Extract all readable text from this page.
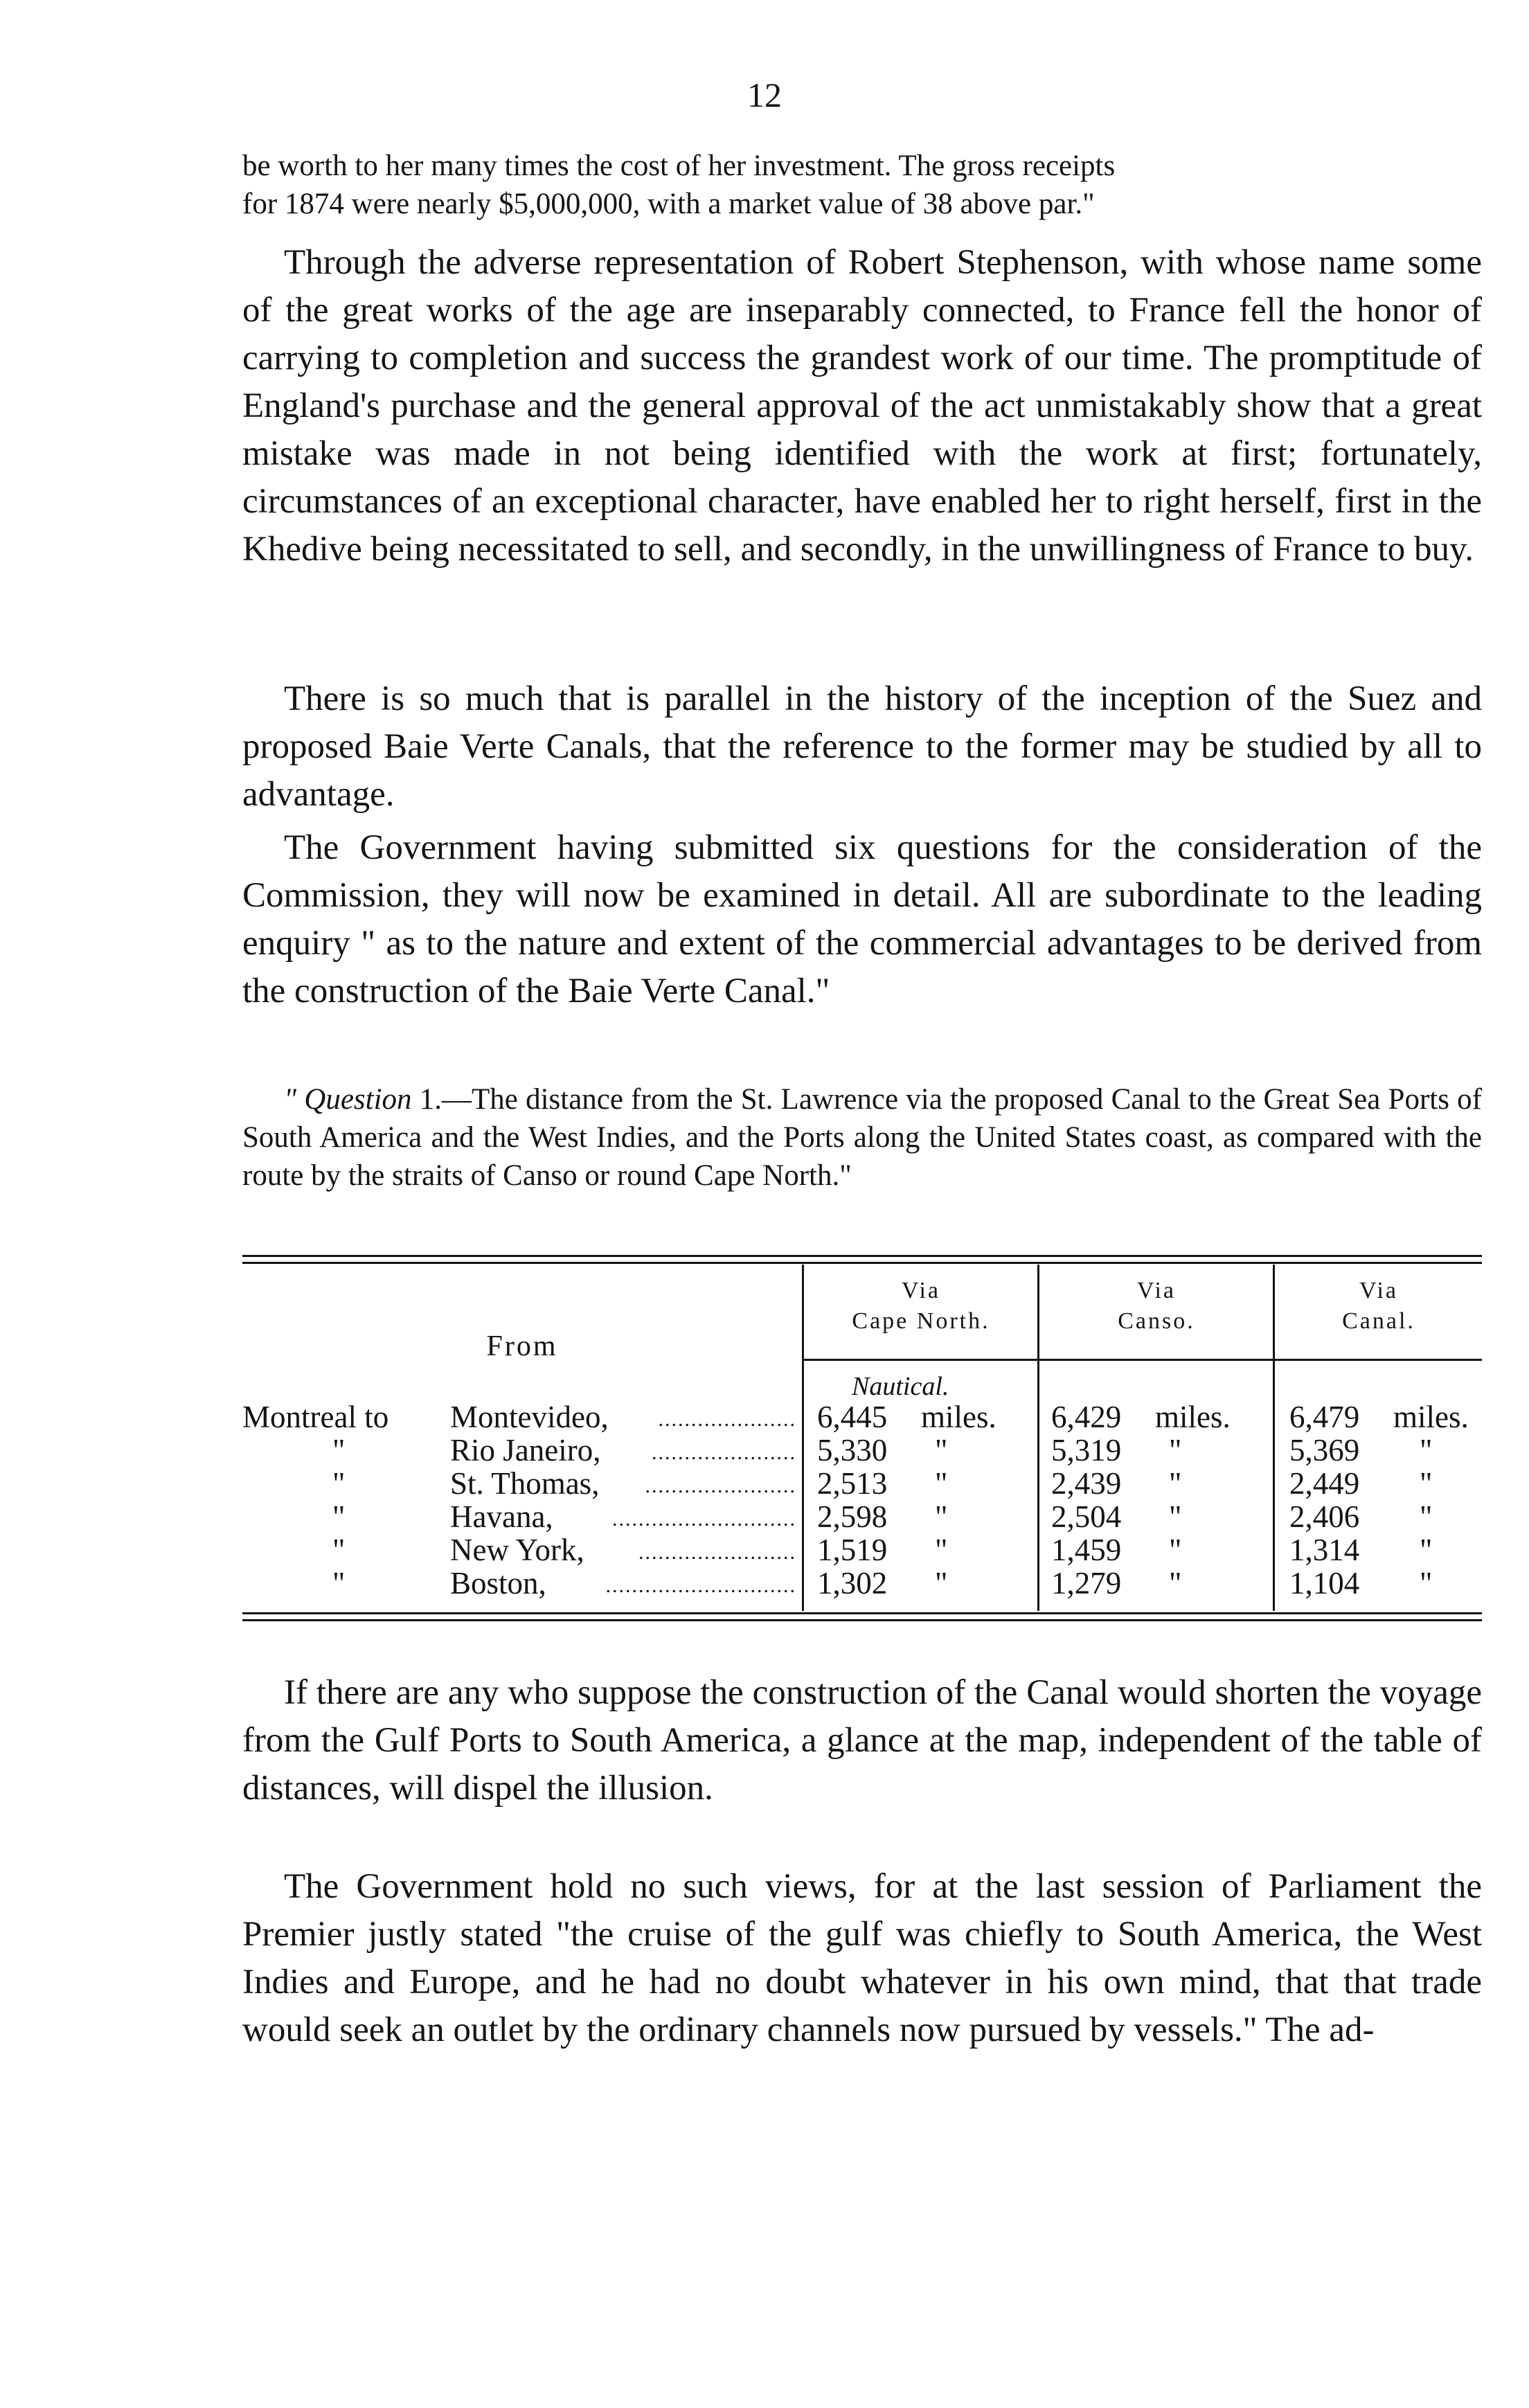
12

be worth to her many times the cost of her investment. The gross receipts

for 1874 were nearly $5,000,000, with a market value of 38 above par."

Through the adverse representation of Robert Stephenson, with whose name some of the great works of the age are inseparably connected, to France fell the honor of carrying to completion and success the grandest work of our time. The promptitude of England's purchase and the general approval of the act unmistakably show that a great mistake was made in not being identified with the work at first; fortunately, circumstances of an exceptional character, have enabled her to right herself, first in the Khedive being necessitated to sell, and secondly, in the unwillingness of France to buy.

There is so much that is parallel in the history of the inception of the Suez and proposed Baie Verte Canals, that the reference to the former may be studied by all to advantage.

The Government having submitted six questions for the consideration of the Commission, they will now be examined in detail. All are subordinate to the leading enquiry " as to the nature and extent of the commercial advantages to be derived from the construction of the Baie Verte Canal."

" Question 1.—The distance from the St. Lawrence via the proposed Canal to the Great Sea Ports of South America and the West Indies, and the Ports along the United States coast, as compared with the route by the straits of Canso or round Cape North."

From
Via
Cape North.
Via
Canso.
Via
Canal.
Nautical.
Montreal to Montevideo,	..................... 6,445 miles. 6,429 miles. 6,479 miles.
"	Rio Janeiro,	...................... 5,330 "	5,319 "	5,369 "
"	St. Thomas,	....................... 2,513 "	2,439 "	2,449 "
"	Havana,	............................ 2,598 "	2,504 "	2,406 "
"	New York,	........................ 1,519 "	1,459 "	1,314 "
"	Boston,	............................. 1,302 "	1,279 "	1,104 "

If there are any who suppose the construction of the Canal would shorten the voyage from the Gulf Ports to South America, a glance at the map, independent of the table of distances, will dispel the illusion.

The Government hold no such views, for at the last session of Parliament the Premier justly stated "the cruise of the gulf was chiefly to South America, the West Indies and Europe, and he had no doubt whatever in his own mind, that that trade would seek an outlet by the ordinary channels now pursued by vessels." The ad-
